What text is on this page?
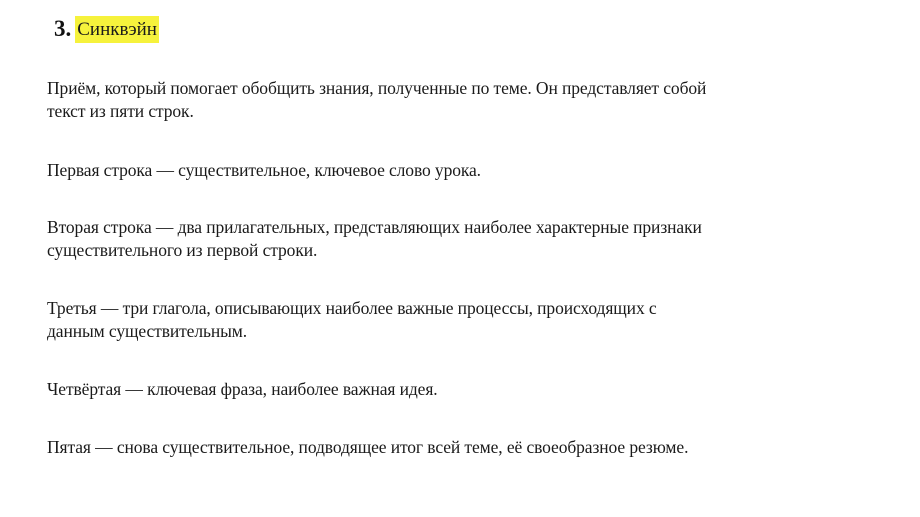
3. Синквэйн

Приём, который помогает обобщить знания, полученные по теме. Он представляет собой
текст из пяти строк.

Первая строка — существительное, ключевое слово урока.

Вторая строка — два прилагательных, представляющих наиболее характерные признаки
существительного из первой строки.

Третья — три глагола, описывающих наиболее важные процессы, происходящих с
данным существительным.

Четвёртая — ключевая фраза, наиболее важная идея.

Пятая — снова существительное, подводящее итог всей теме, её своеобразное резюме.
